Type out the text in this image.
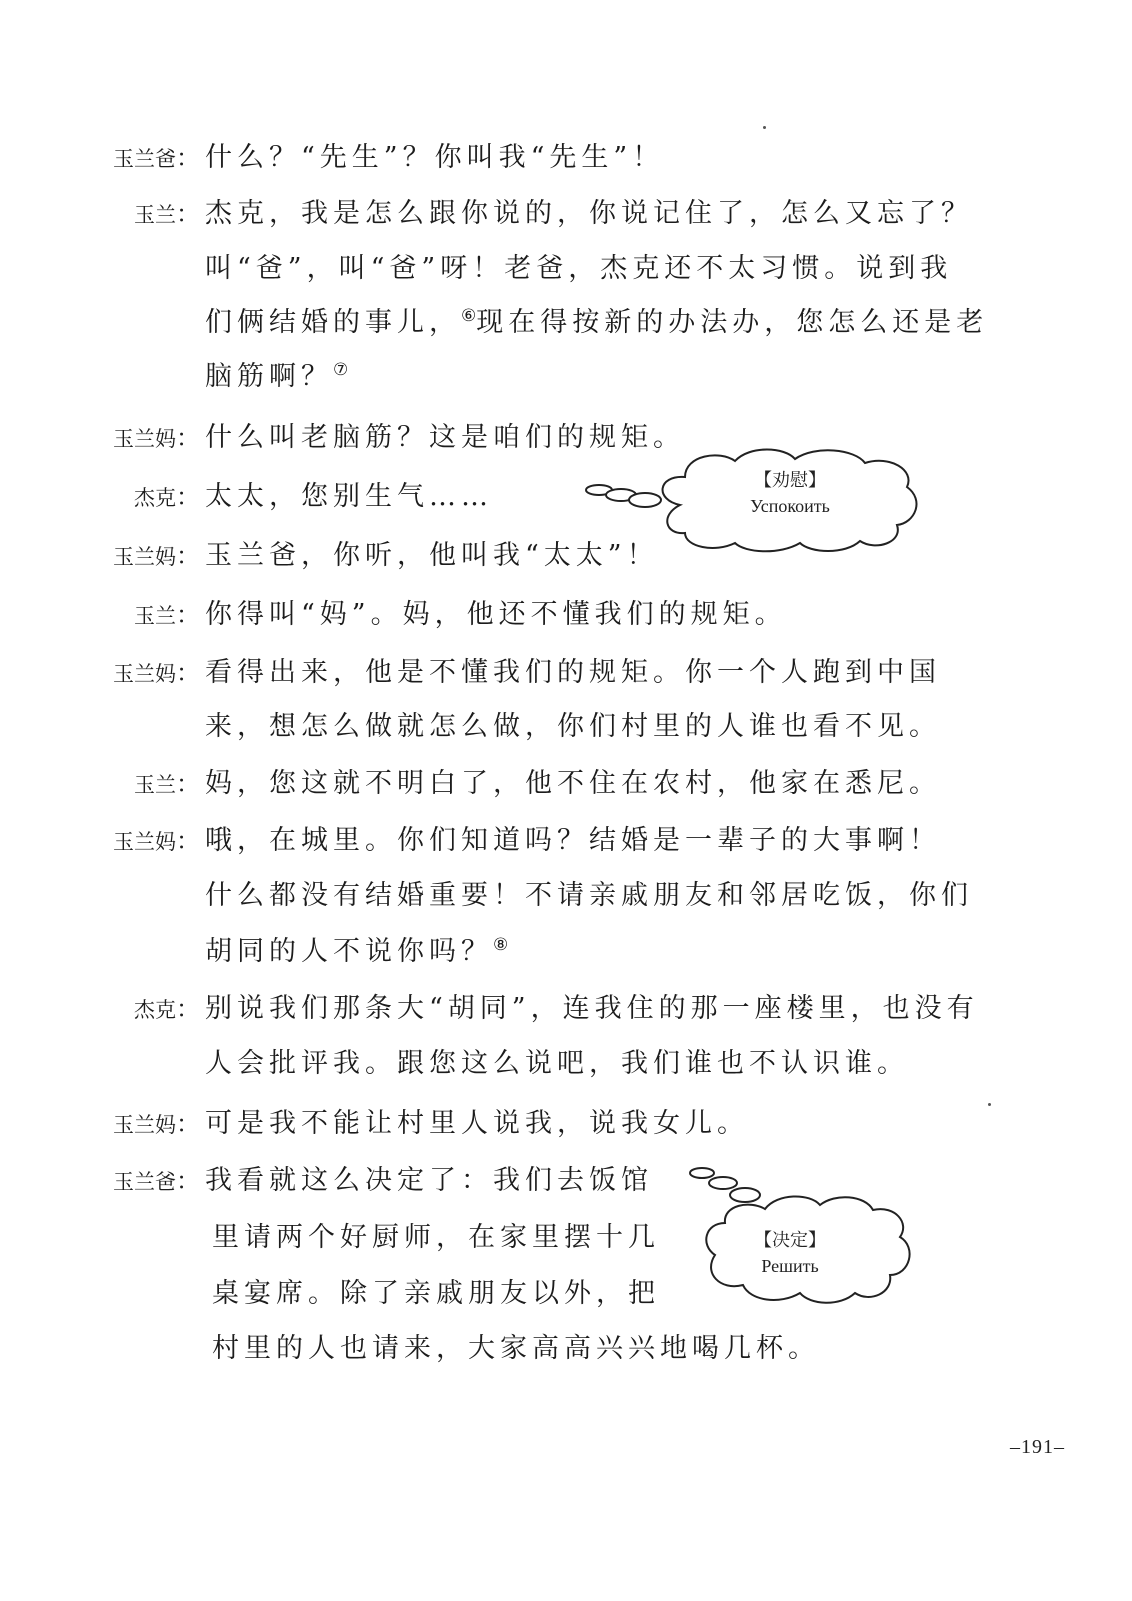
玉兰爸： 什么？“先生”？你叫我“先生”！
玉兰： 杰克，我是怎么跟你说的，你说记住了，怎么又忘了？
叫“爸”，叫“爸”呀！老爸，杰克还不太习惯。说到我
们俩结婚的事儿，⑥现在得按新的办法办，您怎么还是老
脑筋啊？⑦
玉兰妈： 什么叫老脑筋？这是咱们的规矩。
杰克： 太太，您别生气……
玉兰妈： 玉兰爸，你听，他叫我“太太”！
玉兰： 你得叫“妈”。妈，他还不懂我们的规矩。
玉兰妈： 看得出来，他是不懂我们的规矩。你一个人跑到中国
来，想怎么做就怎么做，你们村里的人谁也看不见。
玉兰： 妈，您这就不明白了，他不住在农村，他家在悉尼。
玉兰妈： 哦，在城里。你们知道吗？结婚是一辈子的大事啊！
什么都没有结婚重要！不请亲戚朋友和邻居吃饭，你们
胡同的人不说你吗？⑧
杰克： 别说我们那条大“胡同”，连我住的那一座楼里，也没有
人会批评我。跟您这么说吧，我们谁也不认识谁。
玉兰妈： 可是我不能让村里人说我，说我女儿。
玉兰爸： 我看就这么决定了：我们去饭馆
里请两个好厨师，在家里摆十几
桌宴席。除了亲戚朋友以外，把
村里的人也请来，大家高高兴兴地喝几杯。
【劝慰】
Успокоить
【决定】
Решить
–191–
